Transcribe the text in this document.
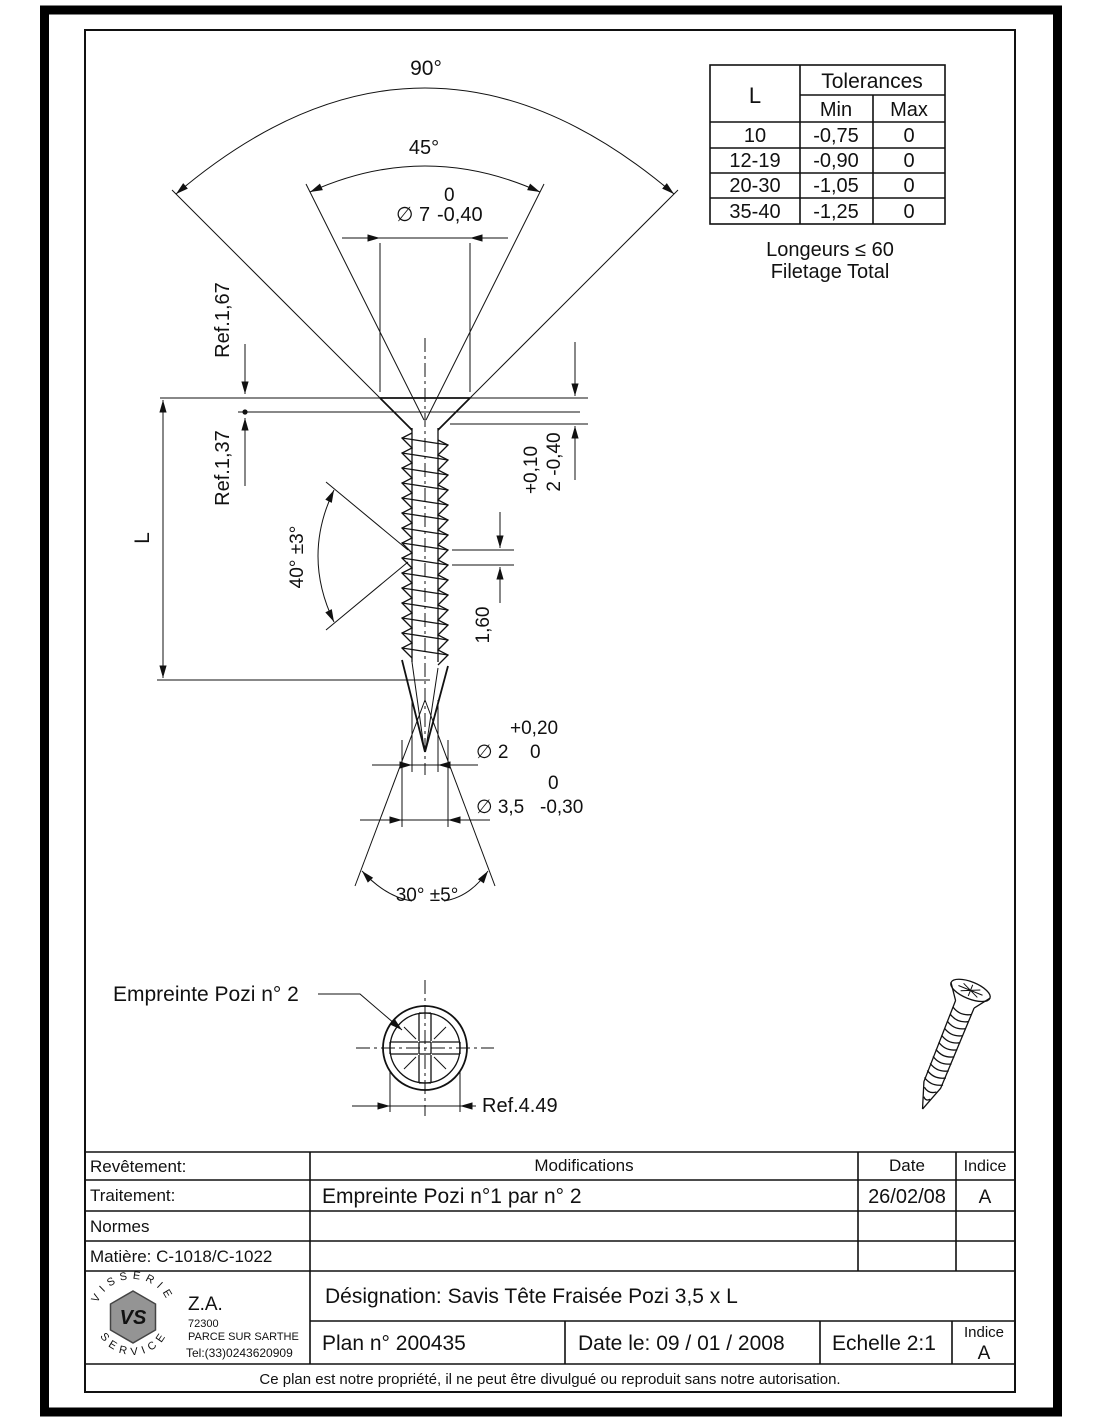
L
Tolerances
Min Max
10 -0,75 0
12-19 -0,90 0
20-30 -1,05 0
35-40 -1,25 0
Longeurs ≤ 60
Filetage Total
90°
45°
0
∅ 7 -0,40
Ref.1,67
Ref.1,37
L
+0,10 2 -0,40
40° ±3°
1,60
+0,20
∅ 2 0
0
∅ 3,5 -0,30
30° ±5°
Empreinte Pozi n° 2
Ref.4.49
Revêtement:	Modifications	Date Indice
Traitement:	Empreinte Pozi n°1 par n° 2	26/02/08 A
Normes
Matière: C-1018/C-1022
Désignation: Savis Tête Fraisée Pozi 3,5 x L
Plan n° 200435	Date le: 09 / 01 / 2008 Echelle 2:1 Indice
A
Ce plan est notre propriété, il ne peut être divulgué ou reproduit sans notre autorisation.
VS
VISSERIE
SERVICE
Z.A.
72300
PARCE SUR SARTHE
Tel:(33)0243620909
